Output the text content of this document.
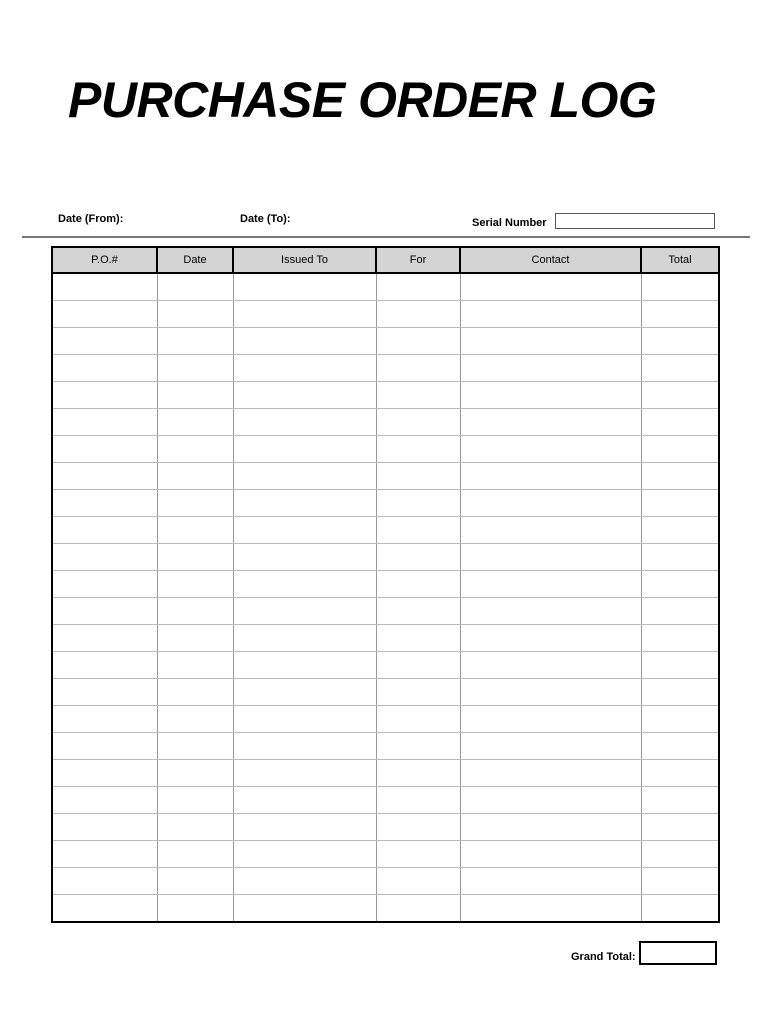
PURCHASE ORDER LOG
Date (From):	Date (To):	Serial Number
P.O.#	Date	Issued To	For	Contact	Total

Grand Total:
